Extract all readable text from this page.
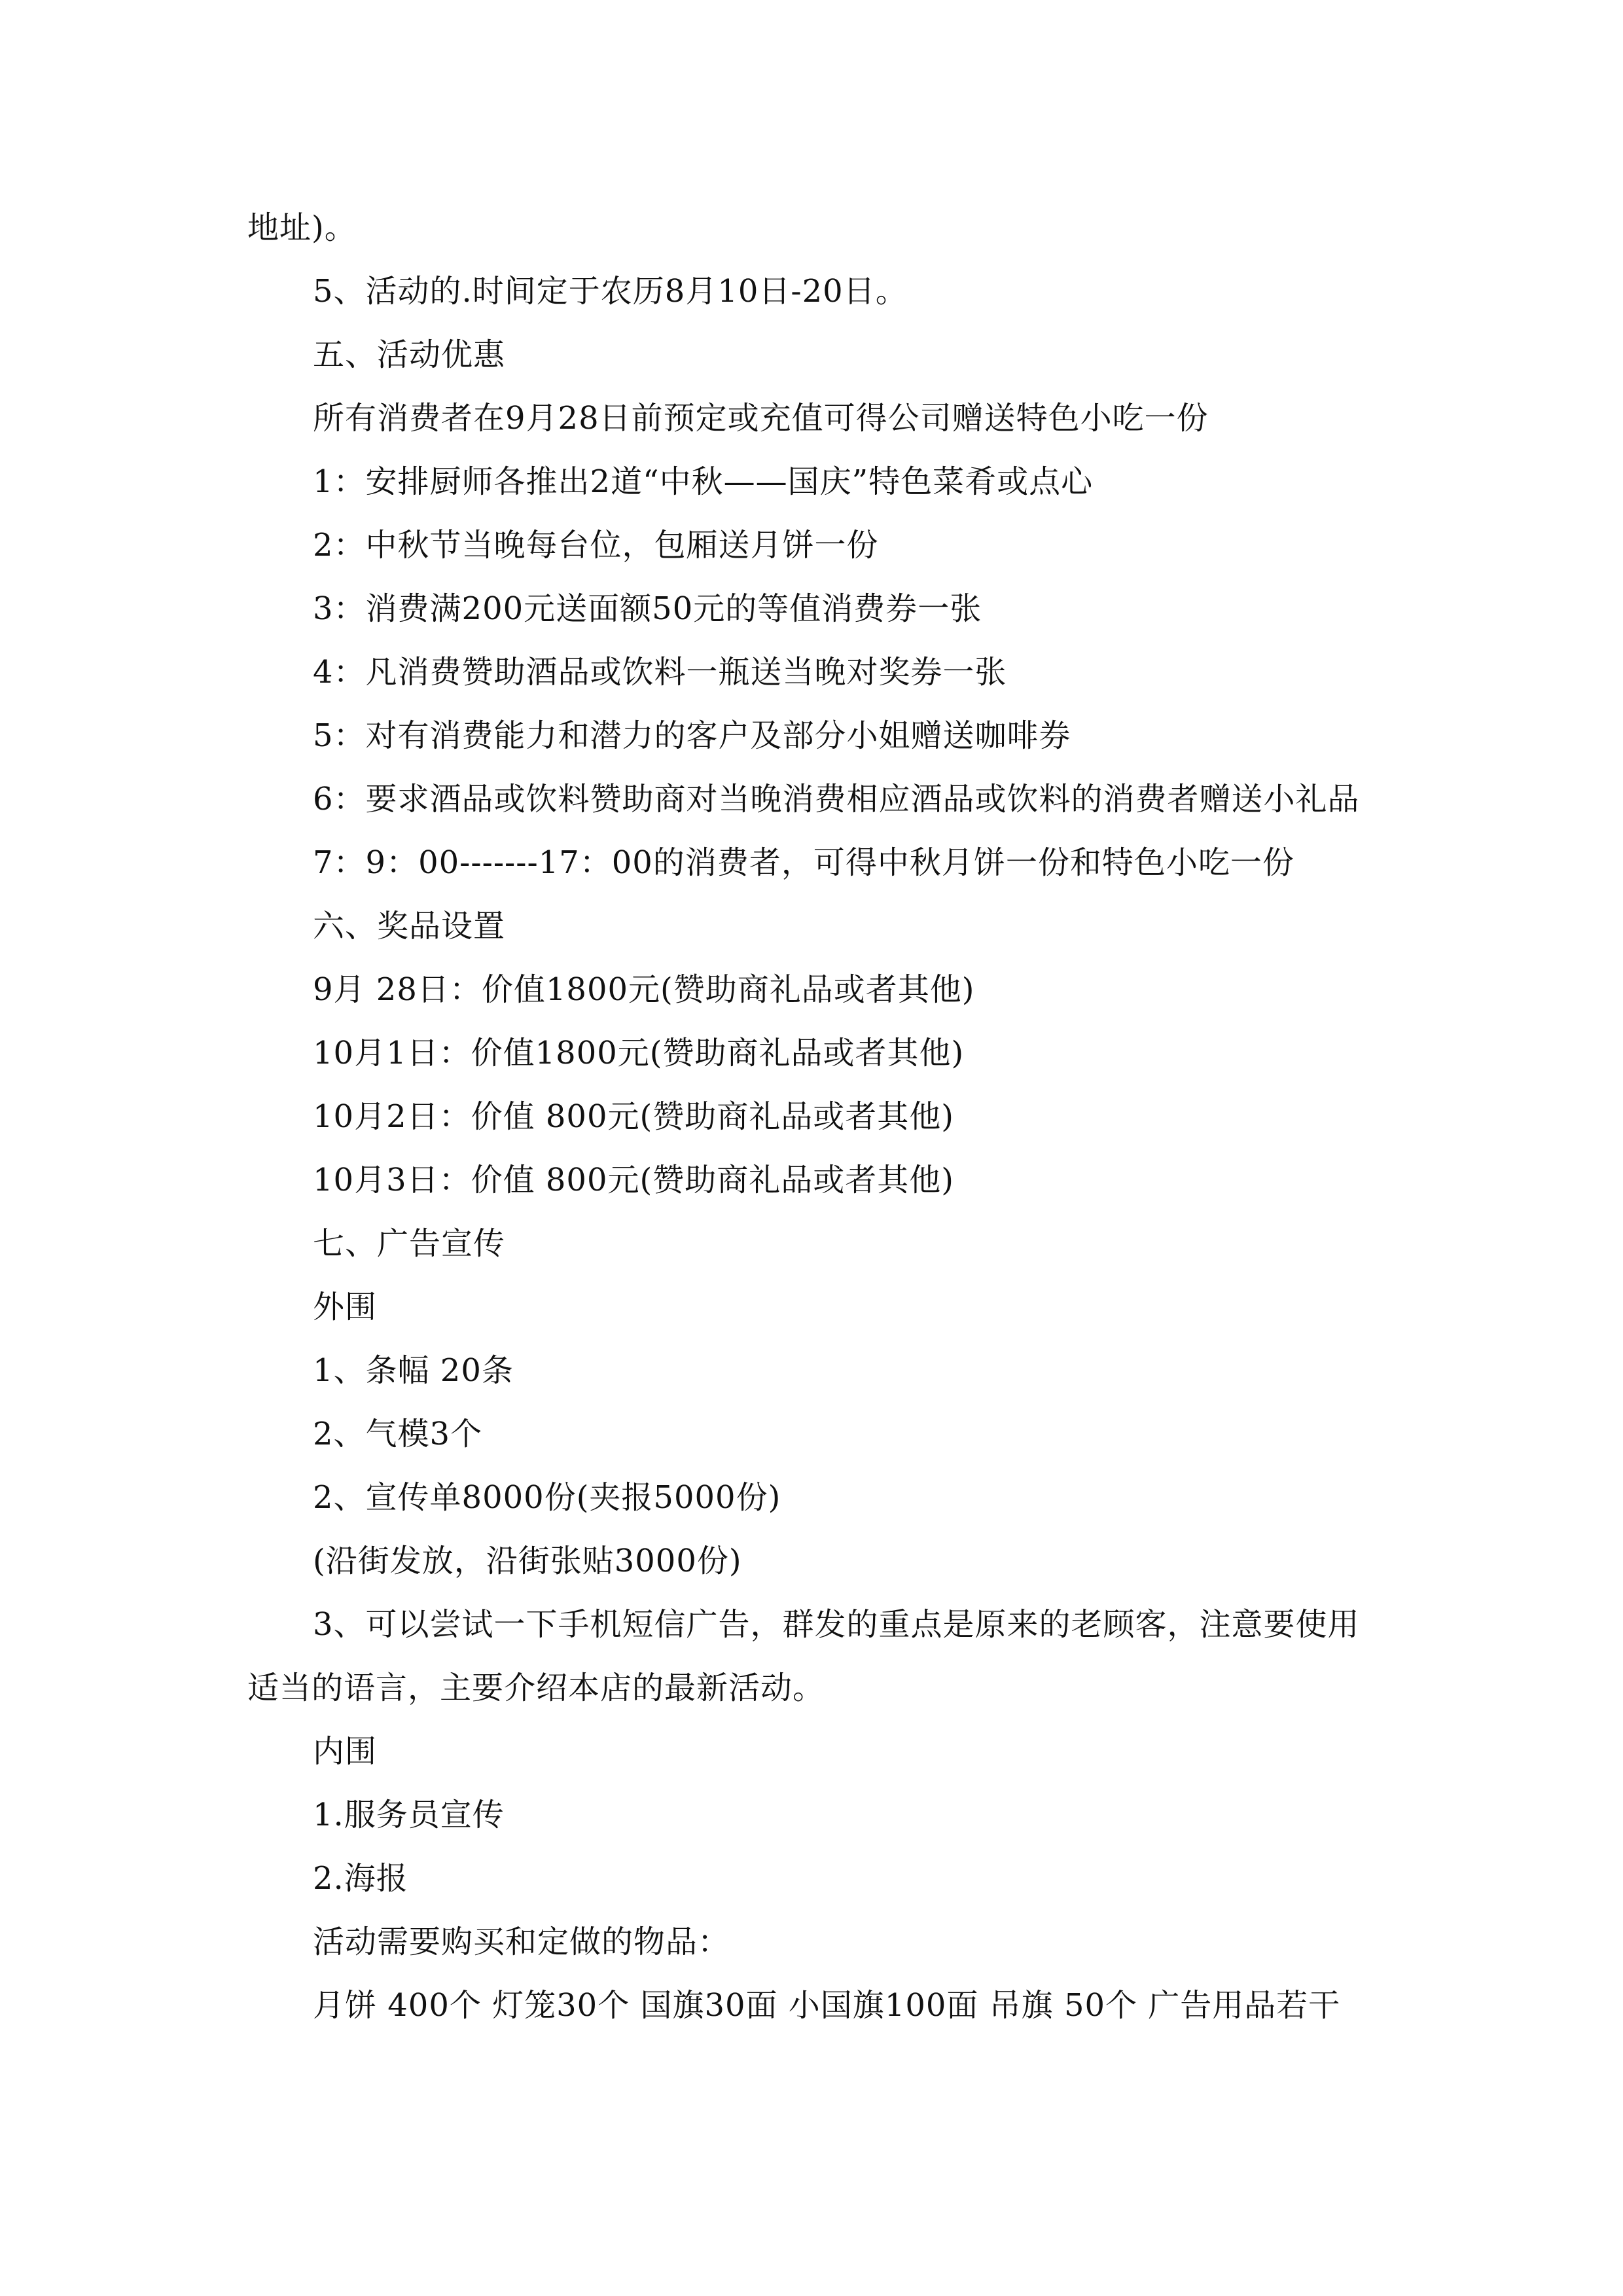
地址)。
5、活动的.时间定于农历8月10日-20日。
五、活动优惠
所有消费者在9月28日前预定或充值可得公司赠送特色小吃一份
1：安排厨师各推出2道“中秋——国庆”特色菜肴或点心
2：中秋节当晚每台位，包厢送月饼一份
3：消费满200元送面额50元的等值消费券一张
4：凡消费赞助酒品或饮料一瓶送当晚对奖券一张
5：对有消费能力和潜力的客户及部分小姐赠送咖啡券
6：要求酒品或饮料赞助商对当晚消费相应酒品或饮料的消费者赠送小礼品
7：9：00-------17：00的消费者，可得中秋月饼一份和特色小吃一份
六、奖品设置
9月 28日：价值1800元(赞助商礼品或者其他)
10月1日：价值1800元(赞助商礼品或者其他)
10月2日：价值 800元(赞助商礼品或者其他)
10月3日：价值 800元(赞助商礼品或者其他)
七、广告宣传
外围
1、条幅 20条
2、气模3个
2、宣传单8000份(夹报5000份)
(沿街发放，沿街张贴3000份)
3、可以尝试一下手机短信广告，群发的重点是原来的老顾客，注意要使用
适当的语言，主要介绍本店的最新活动。
内围
1.服务员宣传
2.海报
活动需要购买和定做的物品：
月饼 400个 灯笼30个 国旗30面 小国旗100面 吊旗 50个 广告用品若干
